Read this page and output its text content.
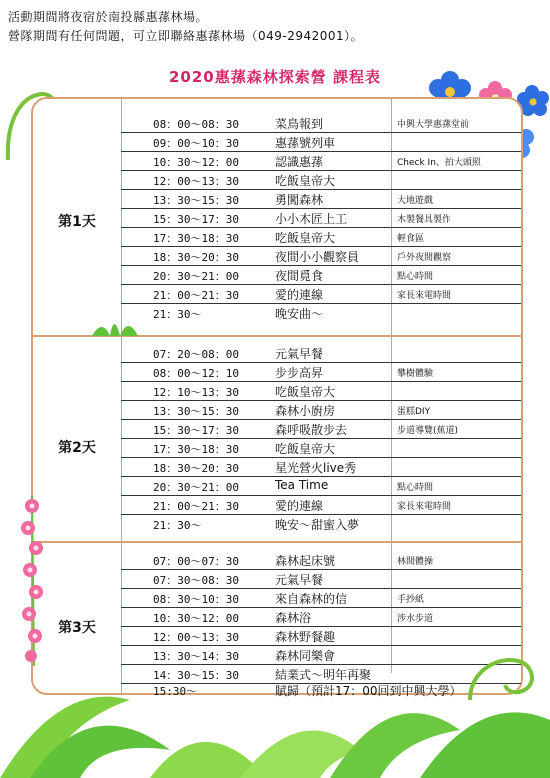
活動期間將夜宿於南投縣惠蓀林場。
營隊期間有任何問題，可立即聯絡惠蓀林場（049-2942001）。
2020惠蓀森林探索營 課程表
第1天
08：00〜08：30	菜鳥報到	中興大學惠蓀堂前
09：00〜10：30	惠蓀號列車
10：30〜12：00	認識惠蓀	Check In、拍大頭照
12：00〜13：30	吃飯皇帝大
13：30〜15：30	勇闖森林	大地遊戲
15：30〜17：30	小小木匠上工	木製餐具製作
17：30〜18：30	吃飯皇帝大	輕食區
18：30〜20：30	夜間小小觀察員	戶外夜間觀察
20：30〜21：00	夜間覓食	點心時間
21：00〜21：30	愛的連線	家長來電時間
21：30〜	晚安曲〜
第2天
07：20〜08：00	元氣早餐
08：00〜12：10	步步高昇	攀樹體驗
12：10〜13：30	吃飯皇帝大
13：30〜15：30	森林小廚房	蛋糕DIY
15：30〜17：30	森呼吸散步去	步道導覽(蕉道)
17：30〜18：30	吃飯皇帝大
18：30〜20：30	星光營火live秀
20：30〜21：00	Tea Time	點心時間
21：00〜21：30	愛的連線	家長來電時間
21：30〜	晚安〜甜蜜入夢
第3天
07：00〜07：30	森林起床號	林間體操
07：30〜08：30	元氣早餐
08：30〜10：30	來自森林的信	手抄紙
10：30〜12：00	森林浴	涉水步道
12：00〜13：30	森林野餐趣
13：30〜14：30	森林同樂會
14：30〜15：30	結業式〜明年再聚
15:30〜	賦歸（預計17：00回到中興大學）
